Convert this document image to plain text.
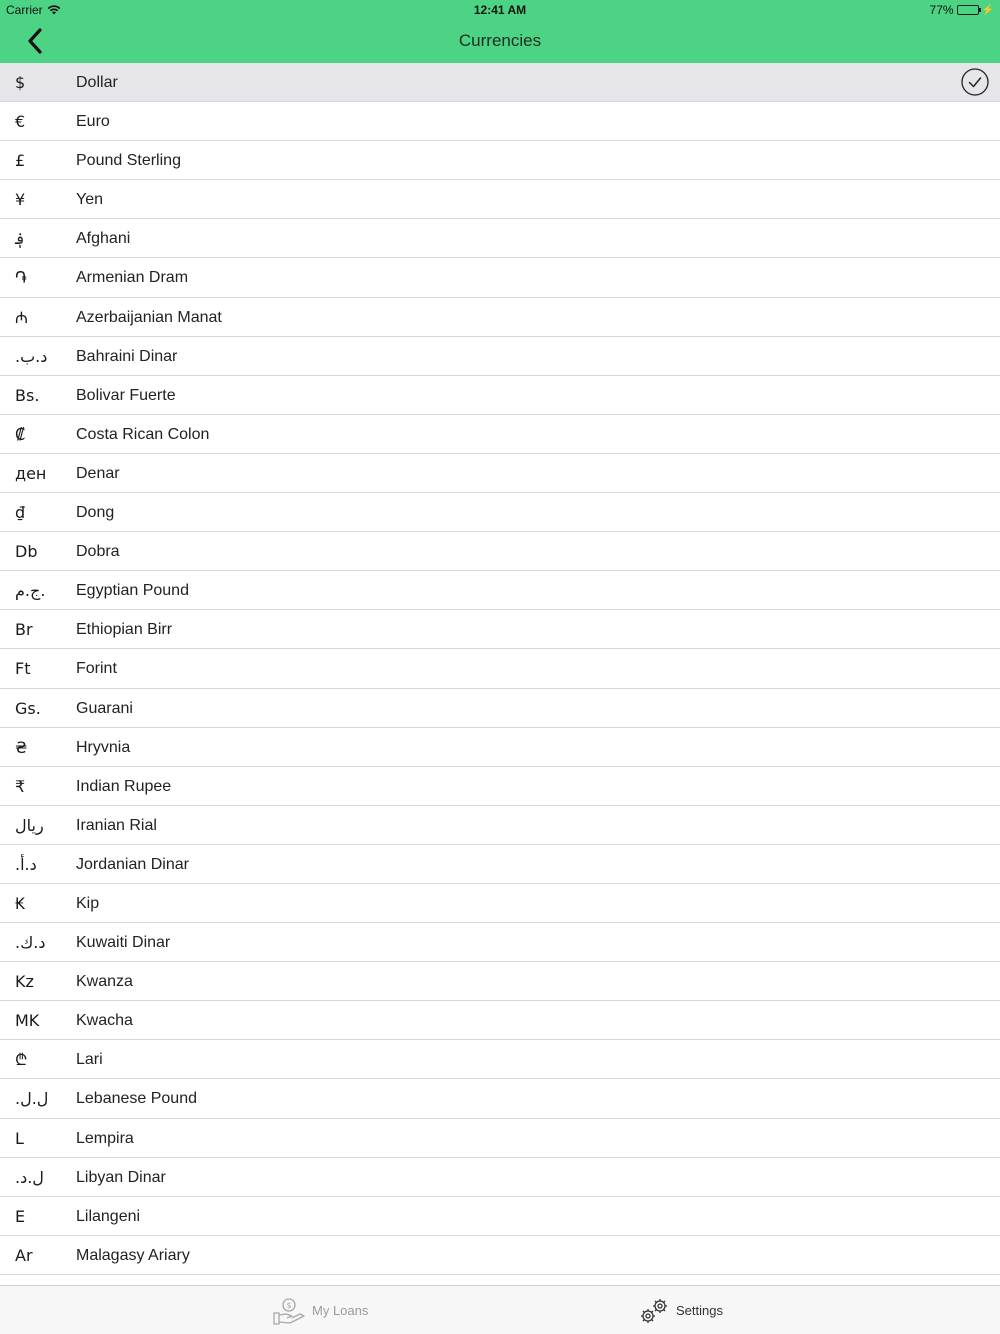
Carrier	12:41 AM	77%	⚡
Currencies
$	Dollar
€	Euro
£	Pound Sterling
¥	Yen
؋	Afghani
֏	Armenian Dram
₼	Azerbaijanian Manat
.د.ب Bahraini Dinar
Bs. Bolivar Fuerte
₡	Costa Rican Colon
ден Denar
₫	Dong
Db Dobra
ج.م. Egyptian Pound
Br	Ethiopian Birr
Ft	Forint
Gs. Guarani
₴	Hryvnia
₹	Indian Rupee
ريال Iranian Rial
.د.أ Jordanian Dinar
₭	Kip
.د.ك Kuwaiti Dinar
Kz	Kwanza
MK Kwacha
₾	Lari
.ل.ل Lebanese Pound
L	Lempira
.ل.د Libyan Dinar
E	Lilangeni
Ar	Malagasy Ariary
$ My Loans	Settings
